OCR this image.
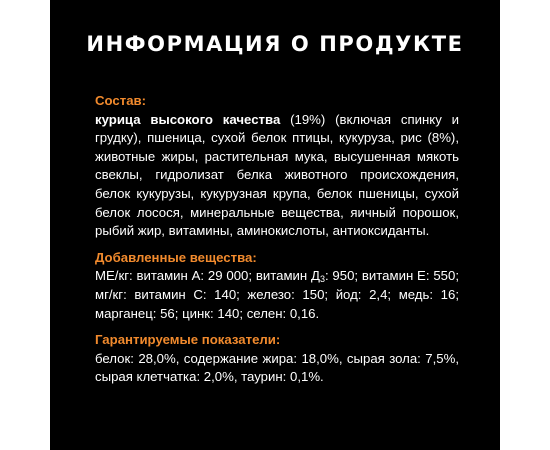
ИНФОРМАЦИЯ О ПРОДУКТЕ

Состав:

курица высокого качества (19%) (включая спинку и грудку), пшеница, сухой белок птицы, кукуруза, рис (8%), животные жиры, растительная мука, высушенная мякоть свеклы, гидролизат белка животного происхождения, белок кукурузы, кукурузная крупа, белок пшеницы, сухой белок лосося, минеральные вещества, яичный порошок, рыбий жир, витамины, аминокислоты, антиоксиданты.

Добавленные вещества:

МЕ/кг: витамин А: 29 000; витамин $Д_3$: 950; витамин Е: 550; мг/кг: витамин С: 140; железо: 150; йод: 2,4; медь: 16; марганец: 56; цинк: 140; селен: 0,16.

Гарантируемые показатели:

белок: 28,0%, содержание жира: 18,0%, сырая зола: 7,5%, сырая клетчатка: 2,0%, таурин: 0,1%.
